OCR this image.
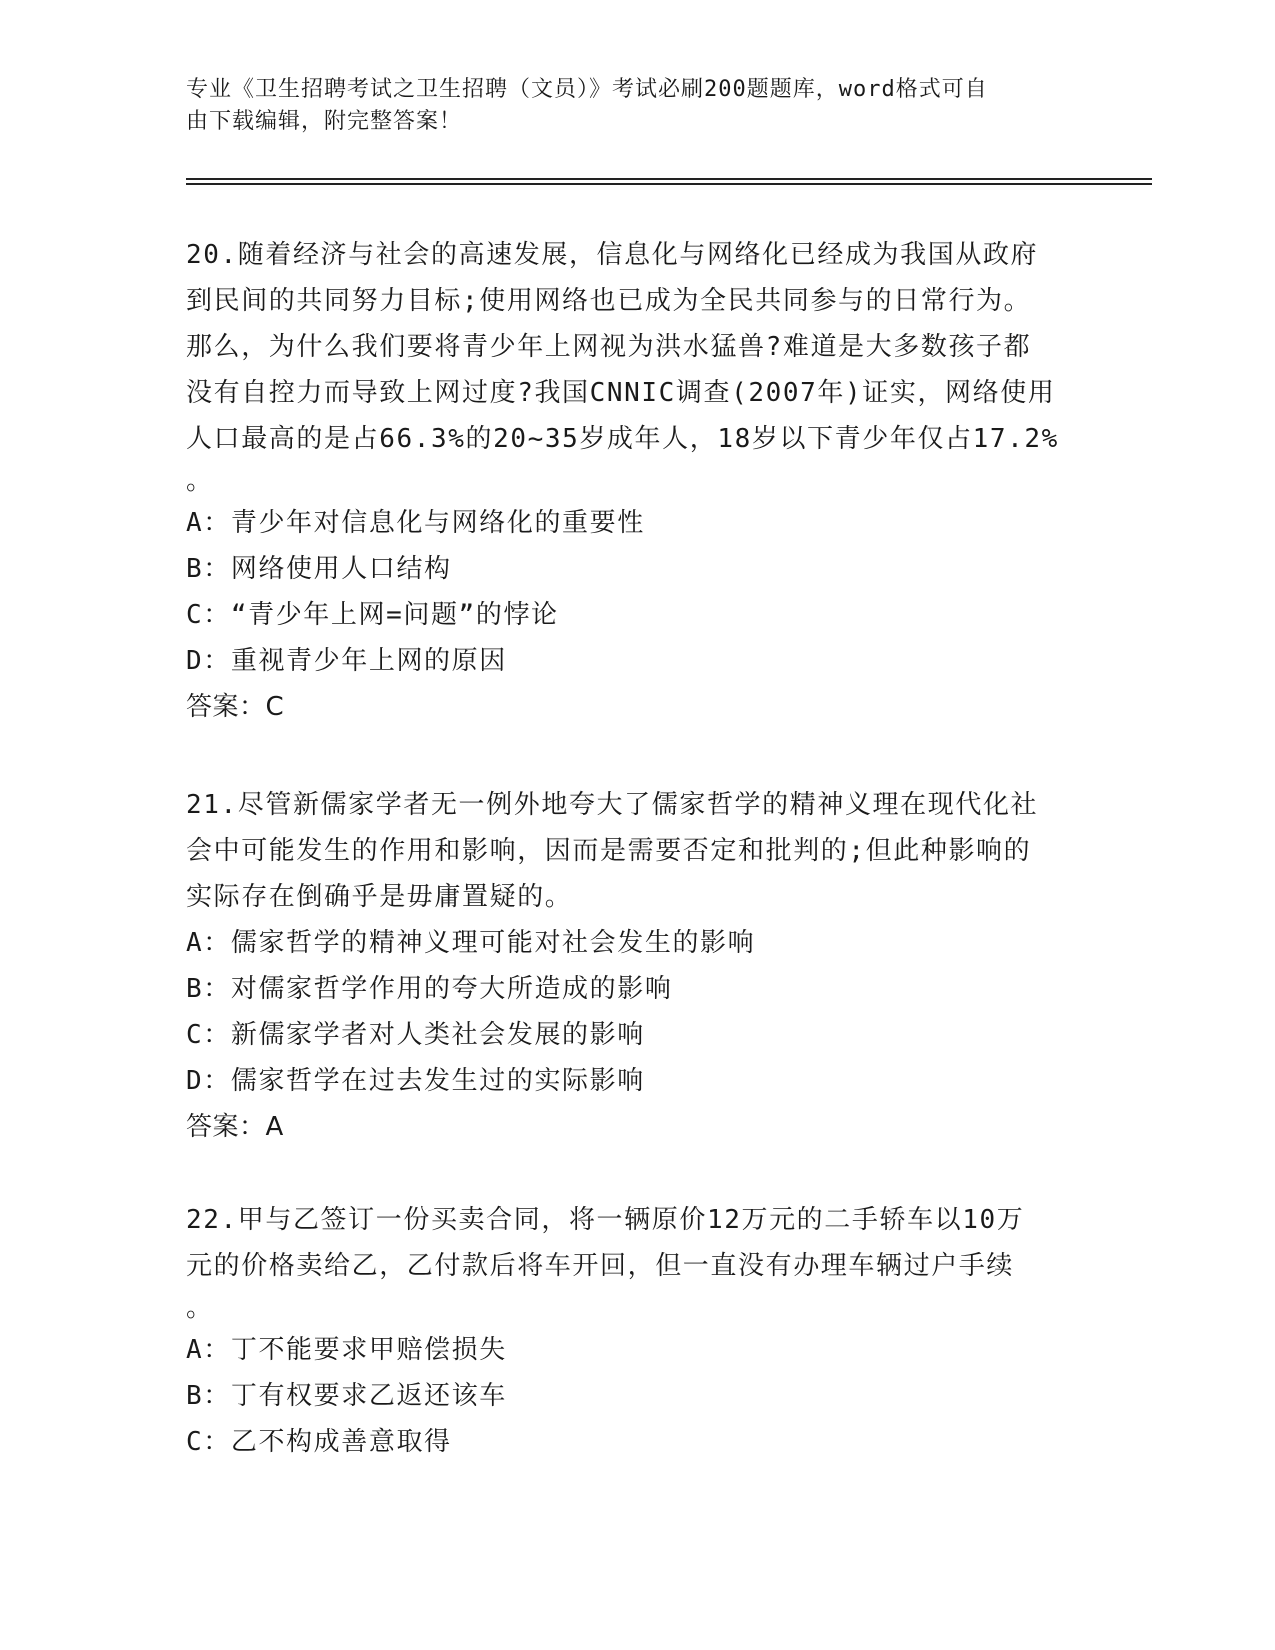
专业《卫生招聘考试之卫生招聘（文员）》考试必刷200题题库，word格式可自
由下载编辑，附完整答案！
20.随着经济与社会的高速发展，信息化与网络化已经成为我国从政府
到民间的共同努力目标;使用网络也已成为全民共同参与的日常行为。
那么，为什么我们要将青少年上网视为洪水猛兽?难道是大多数孩子都
没有自控力而导致上网过度?我国CNNIC调查(2007年)证实，网络使用
人口最高的是占66.3%的20~35岁成年人，18岁以下青少年仅占17.2%
。
A：青少年对信息化与网络化的重要性
B：网络使用人口结构
C：“青少年上网=问题”的悖论
D：重视青少年上网的原因
答案：C
21.尽管新儒家学者无一例外地夸大了儒家哲学的精神义理在现代化社
会中可能发生的作用和影响，因而是需要否定和批判的;但此种影响的
实际存在倒确乎是毋庸置疑的。
A：儒家哲学的精神义理可能对社会发生的影响
B：对儒家哲学作用的夸大所造成的影响
C：新儒家学者对人类社会发展的影响
D：儒家哲学在过去发生过的实际影响
答案：A
22.甲与乙签订一份买卖合同，将一辆原价12万元的二手轿车以10万
元的价格卖给乙，乙付款后将车开回，但一直没有办理车辆过户手续
。
A：丁不能要求甲赔偿损失
B：丁有权要求乙返还该车
C：乙不构成善意取得
